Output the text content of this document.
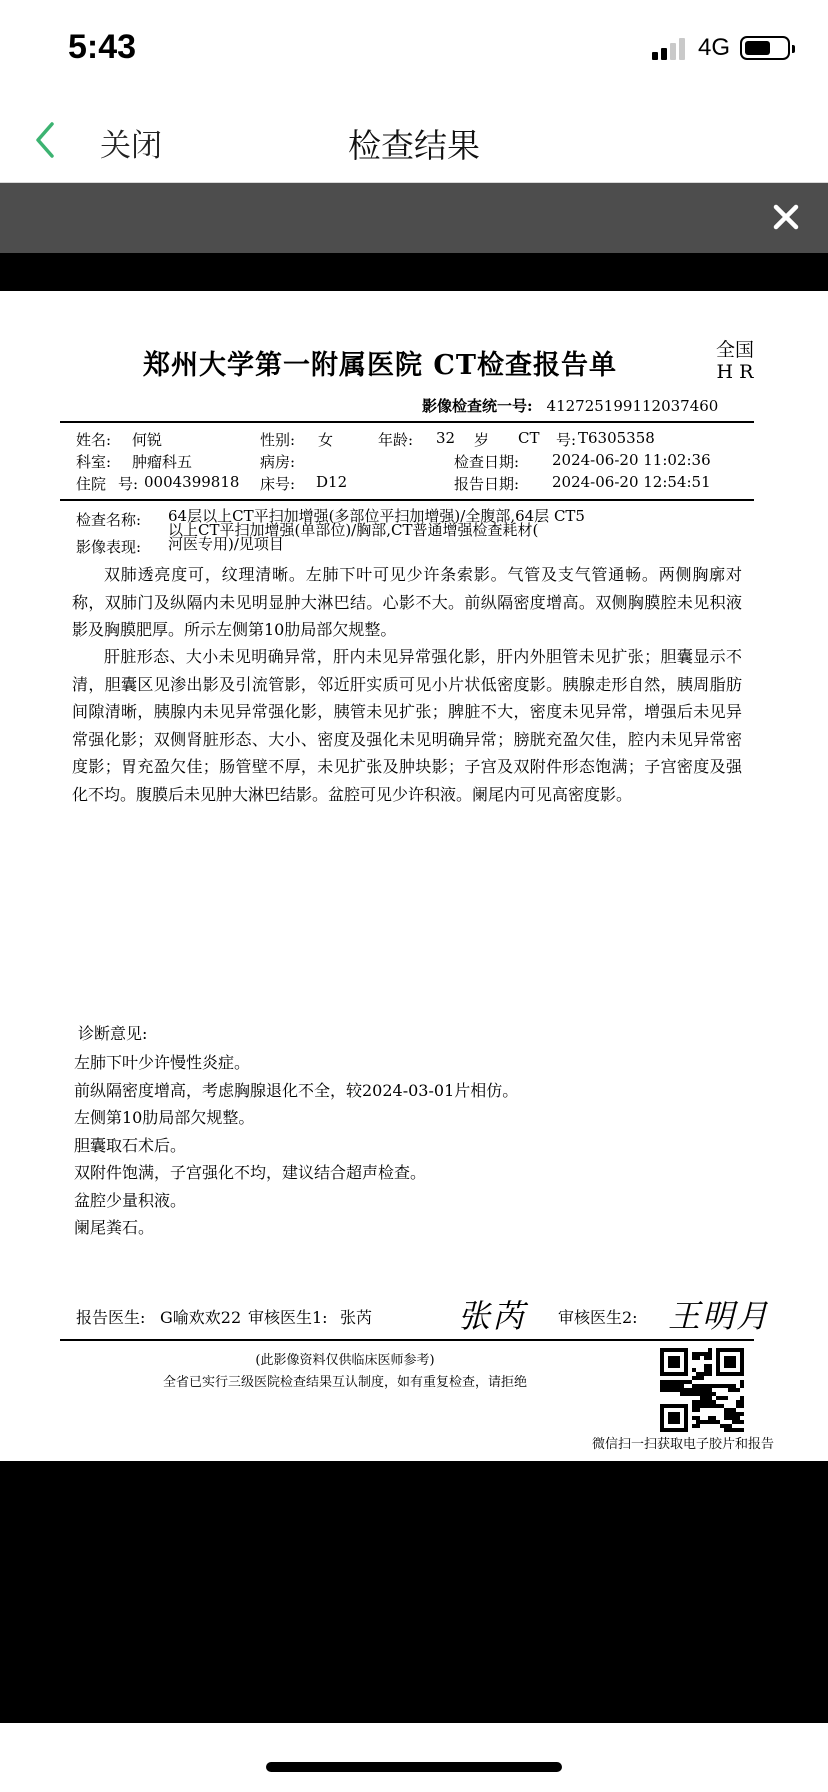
5:43	4G
关闭	检查结果
郑州大学第一附属医院 CT检查报告单	全国
H R
影像检查统一号: 412725199112037460
姓名: 何锐	性别: 女	年龄: 32 岁 CT 号: T6305358
科室: 肿瘤科五	病房:	检查日期: 2024-06-20 11:02:36
住院 号: 0004399818 床号: D12	报告日期: 2024-06-20 12:54:51
检查名称: 64层以上CT平扫加增强(多部位平扫加增强)/全腹部,64层 CT5
以上CT平扫加增强(单部位)/胸部,CT普通增强检查耗材(
河医专用)/见项目
影像表现:
双肺透亮度可，纹理清晰。左肺下叶可见少许条索影。气管及支气管通畅。两侧胸廓对称，双肺门及纵隔内未见明显肿大淋巴结。心影不大。前纵隔密度增高。双侧胸膜腔未见积液影及胸膜肥厚。所示左侧第10肋局部欠规整。
肝脏形态、大小未见明确异常，肝内未见异常强化影，肝内外胆管未见扩张；胆囊显示不清，胆囊区见渗出影及引流管影，邻近肝实质可见小片状低密度影。胰腺走形自然，胰周脂肪间隙清晰，胰腺内未见异常强化影，胰管未见扩张；脾脏不大，密度未见异常，增强后未见异常强化影；双侧肾脏形态、大小、密度及强化未见明确异常；膀胱充盈欠佳，腔内未见异常密度影；胃充盈欠佳；肠管壁不厚，未见扩张及肿块影；子宫及双附件形态饱满；子宫密度及强化不均。腹膜后未见肿大淋巴结影。盆腔可见少许积液。阑尾内可见高密度影。
诊断意见:
左肺下叶少许慢性炎症。
前纵隔密度增高，考虑胸腺退化不全，较2024-03-01片相仿。
左侧第10肋局部欠规整。
胆囊取石术后。
双附件饱满，子宫强化不均，建议结合超声检查。
盆腔少量积液。
阑尾粪石。
报告医生: G喻欢欢22 审核医生1: 张芮	张芮 审核医生2: 王明月
(此影像资料仅供临床医师参考)
全省已实行三级医院检查结果互认制度，如有重复检查，请拒绝
微信扫一扫获取电子胶片和报告
